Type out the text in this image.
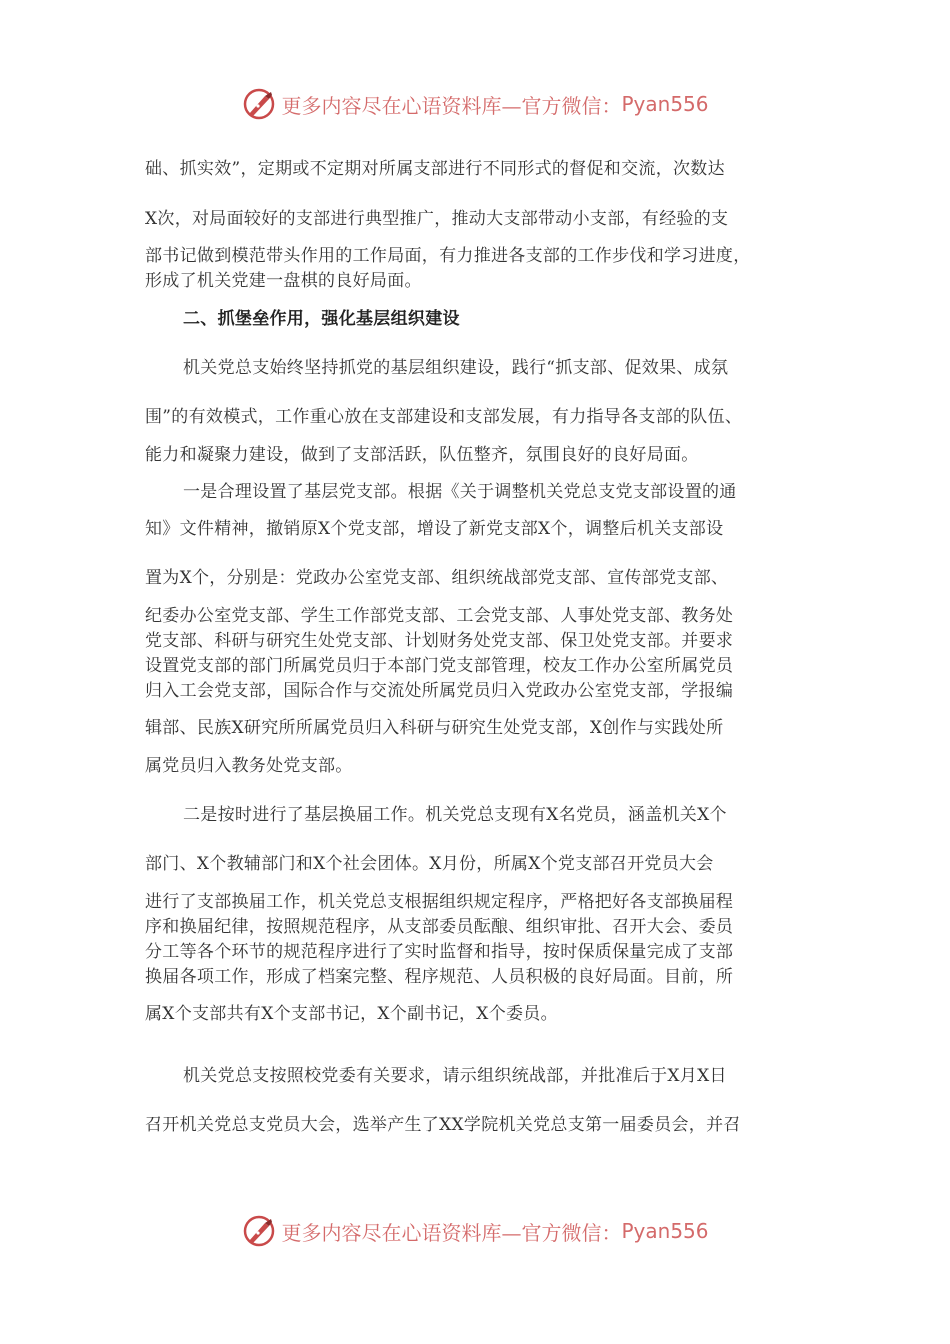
更多内容尽在心语资料库—官方微信： Pyan556
础、抓实效”，定期或不定期对所属支部进行不同形式的督促和交流，次数达
X次，对局面较好的支部进行典型推广，推动大支部带动小支部，有经验的支
部书记做到模范带头作用的工作局面，有力推进各支部的工作步伐和学习进度，
形成了机关党建一盘棋的良好局面。
二、抓堡垒作用，强化基层组织建设
机关党总支始终坚持抓党的基层组织建设，践行“抓支部、促效果、成氛
围”的有效模式，工作重心放在支部建设和支部发展，有力指导各支部的队伍、
能力和凝聚力建设，做到了支部活跃，队伍整齐，氛围良好的良好局面。
一是合理设置了基层党支部。根据《关于调整机关党总支党支部设置的通
知》文件精神，撤销原X个党支部，增设了新党支部X个，调整后机关支部设
置为X个，分别是：党政办公室党支部、组织统战部党支部、宣传部党支部、
纪委办公室党支部、学生工作部党支部、工会党支部、人事处党支部、教务处
党支部、科研与研究生处党支部、计划财务处党支部、保卫处党支部。并要求
设置党支部的部门所属党员归于本部门党支部管理，校友工作办公室所属党员
归入工会党支部，国际合作与交流处所属党员归入党政办公室党支部，学报编
辑部、民族X研究所所属党员归入科研与研究生处党支部，X创作与实践处所
属党员归入教务处党支部。
二是按时进行了基层换届工作。机关党总支现有X名党员，涵盖机关X个
部门、X个教辅部门和X个社会团体。X月份，所属X个党支部召开党员大会
进行了支部换届工作，机关党总支根据组织规定程序，严格把好各支部换届程
序和换届纪律，按照规范程序，从支部委员酝酿、组织审批、召开大会、委员
分工等各个环节的规范程序进行了实时监督和指导，按时保质保量完成了支部
换届各项工作，形成了档案完整、程序规范、人员积极的良好局面。目前，所
属X个支部共有X个支部书记，X个副书记，X个委员。
机关党总支按照校党委有关要求，请示组织统战部，并批准后于X月X日
召开机关党总支党员大会，选举产生了XX学院机关党总支第一届委员会，并召
更多内容尽在心语资料库—官方微信： Pyan556
